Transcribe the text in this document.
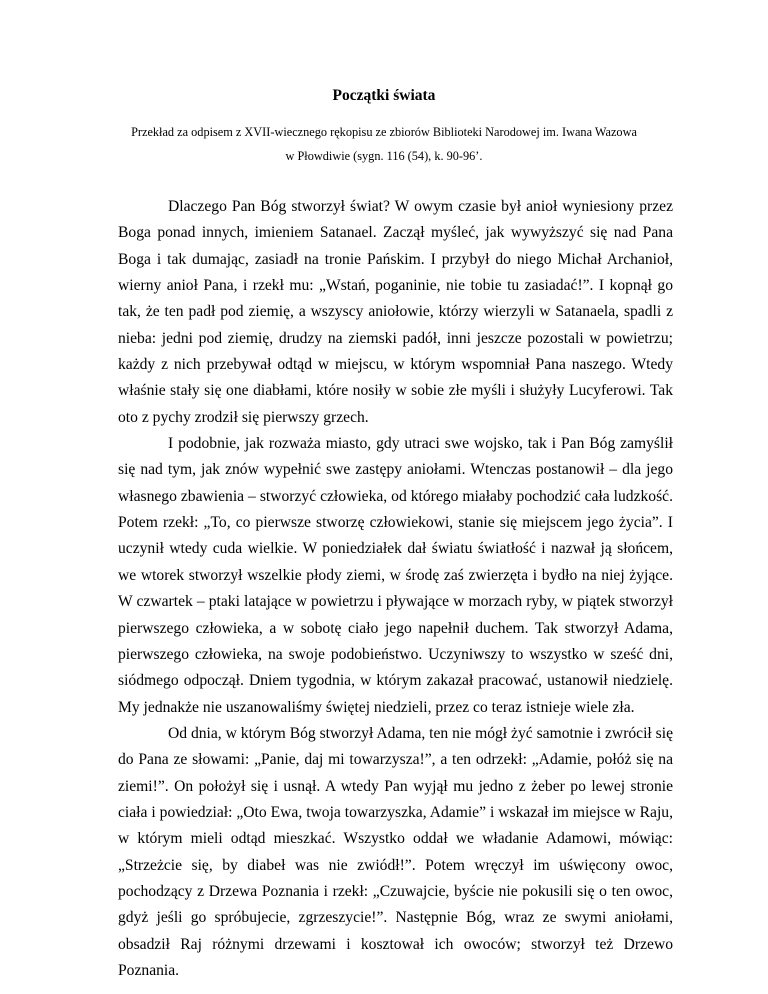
Początki świata
Przekład za odpisem z XVII-wiecznego rękopisu ze zbiorów Biblioteki Narodowej im. Iwana Wazowa
w Płowdiwie (sygn. 116 (54), k. 90-96’.

Dlaczego Pan Bóg stworzył świat? W owym czasie był anioł wyniesiony przez Boga ponad innych, imieniem Satanael. Zaczął myśleć, jak wywyższyć się nad Pana Boga i tak dumając, zasiadł na tronie Pańskim. I przybył do niego Michał Archanioł, wierny anioł Pana, i rzekł mu: „Wstań, poganinie, nie tobie tu zasiadać!”. I kopnął go tak, że ten padł pod ziemię, a wszyscy aniołowie, którzy wierzyli w Satanaela, spadli z nieba: jedni pod ziemię, drudzy na ziemski padół, inni jeszcze pozostali w powietrzu; każdy z nich przebywał odtąd w miejscu, w którym wspomniał Pana naszego. Wtedy właśnie stały się one diabłami, które nosiły w sobie złe myśli i służyły Lucyferowi. Tak oto z pychy zrodził się pierwszy grzech.

I podobnie, jak rozważa miasto, gdy utraci swe wojsko, tak i Pan Bóg zamyślił się nad tym, jak znów wypełnić swe zastępy aniołami. Wtenczas postanowił – dla jego własnego zbawienia – stworzyć człowieka, od którego miałaby pochodzić cała ludzkość. Potem rzekł: „To, co pierwsze stworzę człowiekowi, stanie się miejscem jego życia”. I uczynił wtedy cuda wielkie. W poniedziałek dał światu światłość i nazwał ją słońcem, we wtorek stworzył wszelkie płody ziemi, w środę zaś zwierzęta i bydło na niej żyjące. W czwartek – ptaki latające w powietrzu i pływające w morzach ryby, w piątek stworzył pierwszego człowieka, a w sobotę ciało jego napełnił duchem. Tak stworzył Adama, pierwszego człowieka, na swoje podobieństwo. Uczyniwszy to wszystko w sześć dni, siódmego odpoczął. Dniem tygodnia, w którym zakazał pracować, ustanowił niedzielę. My jednakże nie uszanowaliśmy świętej niedzieli, przez co teraz istnieje wiele zła.

Od dnia, w którym Bóg stworzył Adama, ten nie mógł żyć samotnie i zwrócił się do Pana ze słowami: „Panie, daj mi towarzysza!”, a ten odrzekł: „Adamie, połóż się na ziemi!”. On położył się i usnął. A wtedy Pan wyjął mu jedno z żeber po lewej stronie ciała i powiedział: „Oto Ewa, twoja towarzyszka, Adamie” i wskazał im miejsce w Raju, w którym mieli odtąd mieszkać. Wszystko oddał we władanie Adamowi, mówiąc: „Strzeżcie się, by diabeł was nie zwiódł!”. Potem wręczył im uświęcony owoc, pochodzący z Drzewa Poznania i rzekł: „Czuwajcie, byście nie pokusili się o ten owoc, gdyż jeśli go spróbujecie, zgrzeszycie!”. Następnie Bóg, wraz ze swymi aniołami, obsadził Raj różnymi drzewami i kosztował ich owoców; stworzył też Drzewo Poznania.
